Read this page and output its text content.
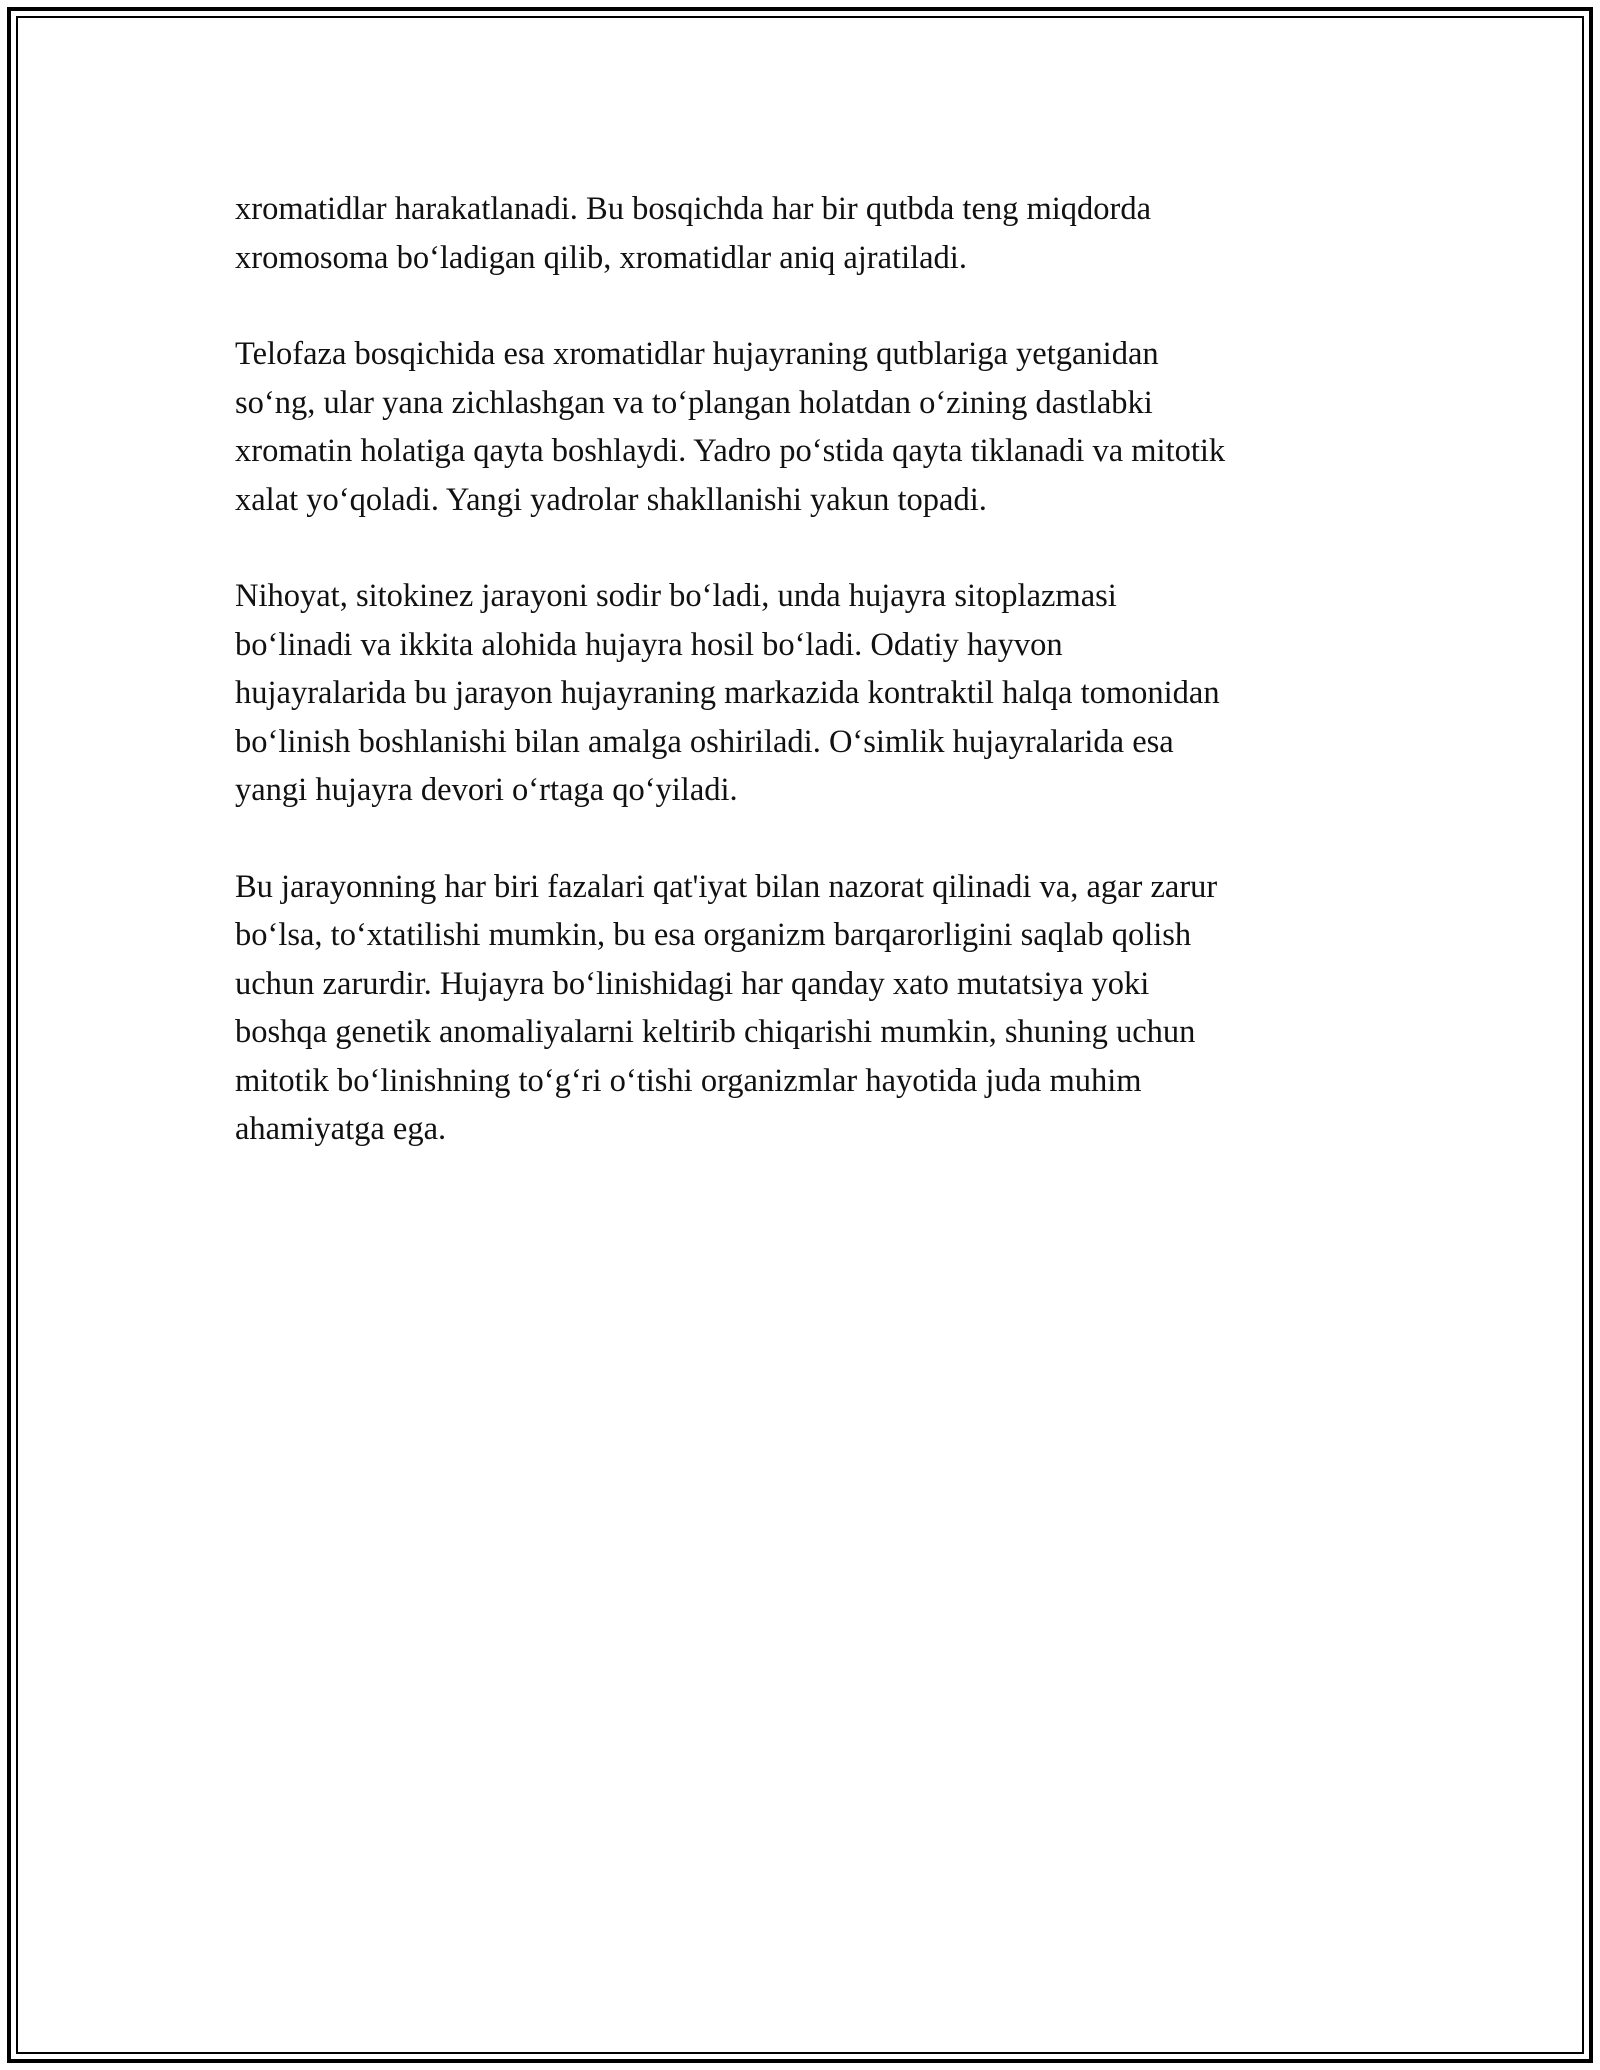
xromatidlar harakatlanadi. Bu bosqichda har bir qutbda teng miqdorda
xromosoma bo‘ladigan qilib, xromatidlar aniq ajratiladi.

Telofaza bosqichida esa xromatidlar hujayraning qutblariga yetganidan
so‘ng, ular yana zichlashgan va to‘plangan holatdan o‘zining dastlabki
xromatin holatiga qayta boshlaydi. Yadro po‘stida qayta tiklanadi va mitotik
xalat yo‘qoladi. Yangi yadrolar shakllanishi yakun topadi.

Nihoyat, sitokinez jarayoni sodir bo‘ladi, unda hujayra sitoplazmasi
bo‘linadi va ikkita alohida hujayra hosil bo‘ladi. Odatiy hayvon
hujayralarida bu jarayon hujayraning markazida kontraktil halqa tomonidan
bo‘linish boshlanishi bilan amalga oshiriladi. O‘simlik hujayralarida esa
yangi hujayra devori o‘rtaga qo‘yiladi.

Bu jarayonning har biri fazalari qat'iyat bilan nazorat qilinadi va, agar zarur
bo‘lsa, to‘xtatilishi mumkin, bu esa organizm barqarorligini saqlab qolish
uchun zarurdir. Hujayra bo‘linishidagi har qanday xato mutatsiya yoki
boshqa genetik anomaliyalarni keltirib chiqarishi mumkin, shuning uchun
mitotik bo‘linishning to‘g‘ri o‘tishi organizmlar hayotida juda muhim
ahamiyatga ega.
